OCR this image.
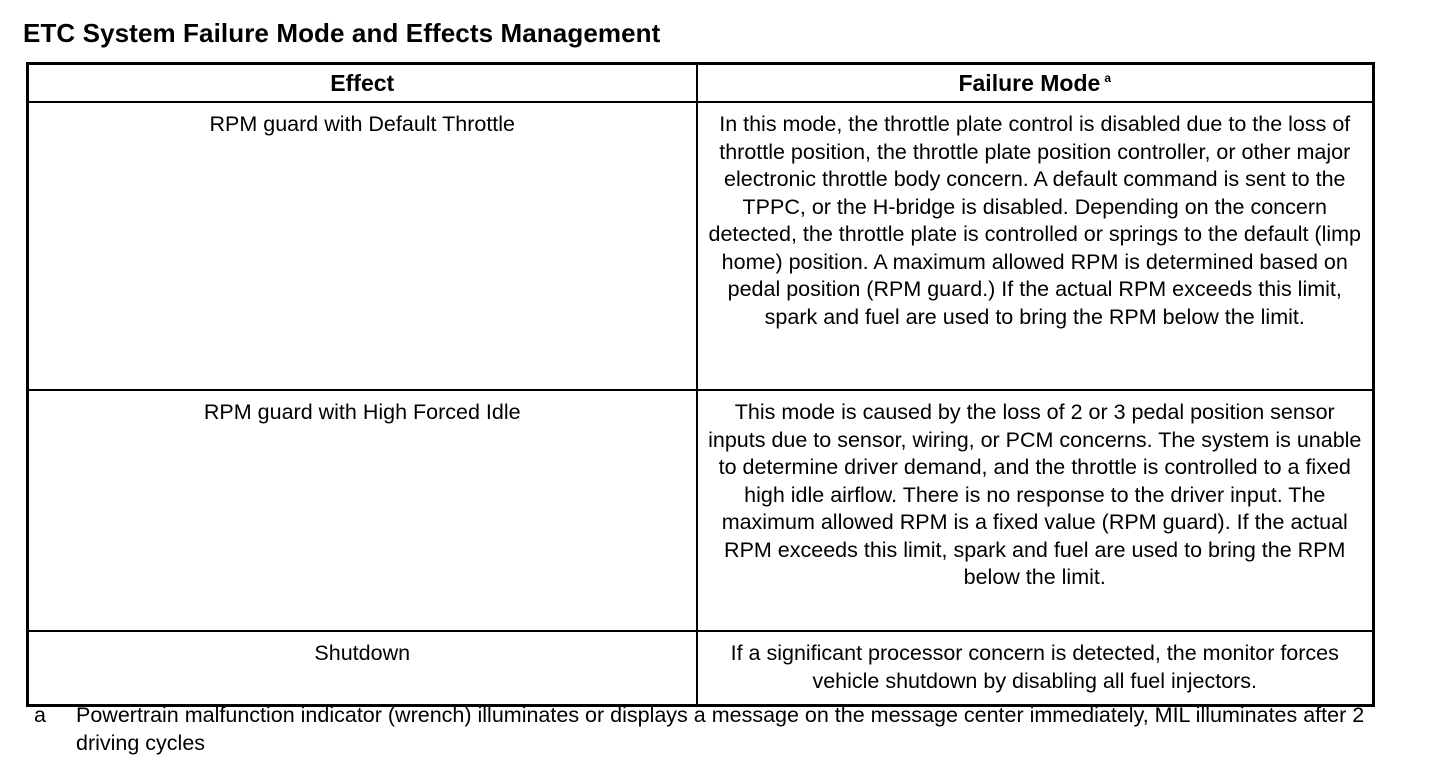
ETC System Failure Mode and Effects Management
Effect	Failure Mode $^a$
RPM guard with Default Throttle	In this mode, the throttle plate control is disabled due to the loss of throttle position, the throttle plate position controller, or other major electronic throttle body concern. A default command is sent to the TPPC, or the H-bridge is disabled. Depending on the concern detected, the throttle plate is controlled or springs to the default (limp home) position. A maximum allowed RPM is determined based on pedal position (RPM guard.) If the actual RPM exceeds this limit, spark and fuel are used to bring the RPM below the limit.
RPM guard with High Forced Idle	This mode is caused by the loss of 2 or 3 pedal position sensor inputs due to sensor, wiring, or PCM concerns. The system is unable to determine driver demand, and the throttle is controlled to a fixed high idle airflow. There is no response to the driver input. The maximum allowed RPM is a fixed value (RPM guard). If the actual RPM exceeds this limit, spark and fuel are used to bring the RPM below the limit.
Shutdown	If a significant processor concern is detected, the monitor forces vehicle shutdown by disabling all fuel injectors.
a Powertrain malfunction indicator (wrench) illuminates or displays a message on the message center immediately, MIL illuminates after 2 driving cycles
